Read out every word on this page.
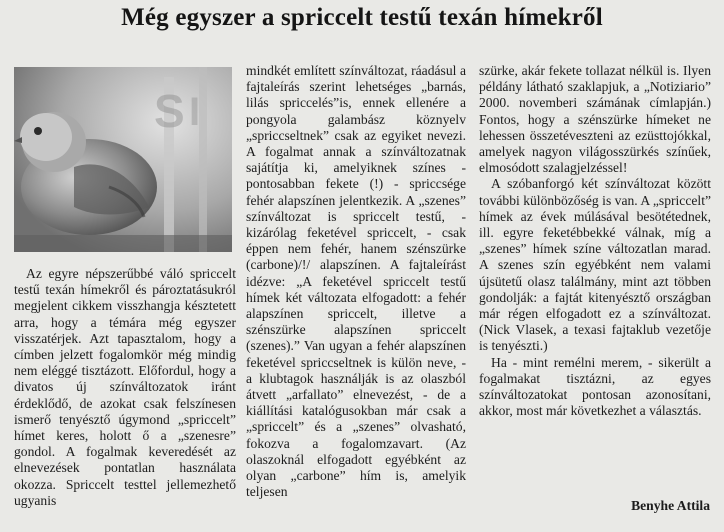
Még egyszer a spriccelt testű texán hímekről
S I

Az egyre népszerűbbé váló spriccelt testű texán hímekről és pároztatásukról megjelent cikkem visszhangja késztetett arra, hogy a témára még egyszer visszatérjek. Azt tapasztalom, hogy a címben jelzett fogalomkör még mindig nem eléggé tisztázott. Előfordul, hogy a divatos új színváltozatok iránt érdeklődő, de azokat csak felszínesen ismerő tenyésztő úgymond „spriccelt” hímet keres, holott ő a „szenesre” gondol. A fogalmak keveredését az elnevezések pontatlan használata okozza. Spriccelt testtel jellemezhető ugyanis

mindkét említett színváltozat, ráadásul a fajtaleírás szerint lehetséges „barnás, lilás spriccelés”is, ennek ellenére a pongyola galambász köznyelv „spriccseltnek” csak az egyiket nevezi. A fogalmat annak a színváltozatnak sajátítja ki, amelyiknek színes - pontosabban fekete (!) - spriccsége fehér alapszínen jelentkezik. A „szenes” színváltozat is spriccelt testű, - kizárólag feketével spriccelt, - csak éppen nem fehér, hanem szénszürke (carbone)/!/ alapszínen. A fajtaleírást idézve: „A feketével spriccelt testű hímek két változata elfogadott: a fehér alapszínen spriccelt, illetve a szénszürke alapszínen spriccelt (szenes).” Van ugyan a fehér alapszínen feketével spriccseltnek is külön neve, - a klubtagok használják is az olaszból átvett „arfallato” elnevezést, - de a kiállítási katalógusokban már csak a „spriccelt” és a „szenes” olvasható, fokozva a fogalomzavart. (Az olaszoknál elfogadott egyébként az olyan „carbone” hím is, amelyik teljesen

szürke, akár fekete tollazat nélkül is. Ilyen példány látható szaklapjuk, a „Notiziario” 2000. novemberi számának címlapján.) Fontos, hogy a szénszürke hímeket ne lehessen összetéveszteni az ezüsttojókkal, amelyek nagyon világosszürkés színűek, elmosódott szalagjelzéssel!

A szóbanforgó két színváltozat között további különbözőség is van. A „spriccelt” hímek az évek múlásával besötétednek, ill. egyre feketébbekké válnak, míg a „szenes” hímek színe változatlan marad. A szenes szín egyébként nem valami újsütetű olasz találmány, mint azt többen gondolják: a fajtát kitenyésztő országban már régen elfogadott ez a színváltozat. (Nick Vlasek, a texasi fajtaklub vezetője is tenyészti.)

Ha - mint remélni merem, - sikerült a fogalmakat tisztázni, az egyes színváltozatokat pontosan azonosítani, akkor, most már következhet a választás.

Benyhe Attila
